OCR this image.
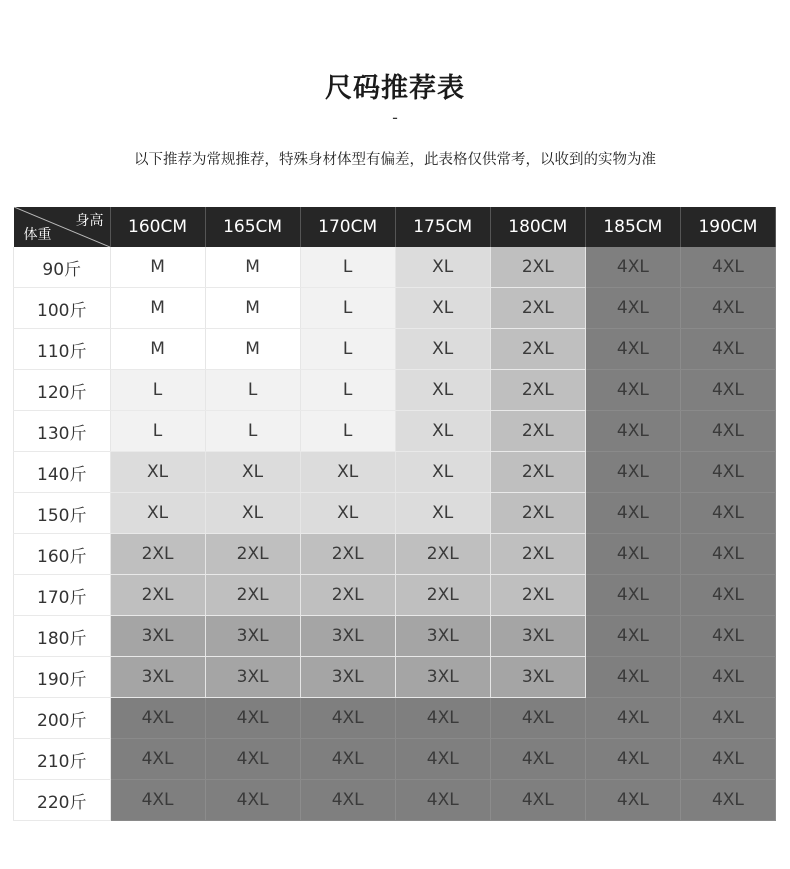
尺码推荐表
-
以下推荐为常规推荐，特殊身材体型有偏差，此表格仅供常考，以收到的实物为准
身高
体重	160CM	165CM	170CM	175CM	180CM	185CM	190CM
90斤	M	M	L	XL	2XL	4XL	4XL
100斤	M	M	L	XL	2XL	4XL	4XL
110斤	M	M	L	XL	2XL	4XL	4XL
120斤	L	L	L	XL	2XL	4XL	4XL
130斤	L	L	L	XL	2XL	4XL	4XL
140斤	XL	XL	XL	XL	2XL	4XL	4XL
150斤	XL	XL	XL	XL	2XL	4XL	4XL
160斤	2XL	2XL	2XL	2XL	2XL	4XL	4XL
170斤	2XL	2XL	2XL	2XL	2XL	4XL	4XL
180斤	3XL	3XL	3XL	3XL	3XL	4XL	4XL
190斤	3XL	3XL	3XL	3XL	3XL	4XL	4XL
200斤	4XL	4XL	4XL	4XL	4XL	4XL	4XL
210斤	4XL	4XL	4XL	4XL	4XL	4XL	4XL
220斤	4XL	4XL	4XL	4XL	4XL	4XL	4XL
